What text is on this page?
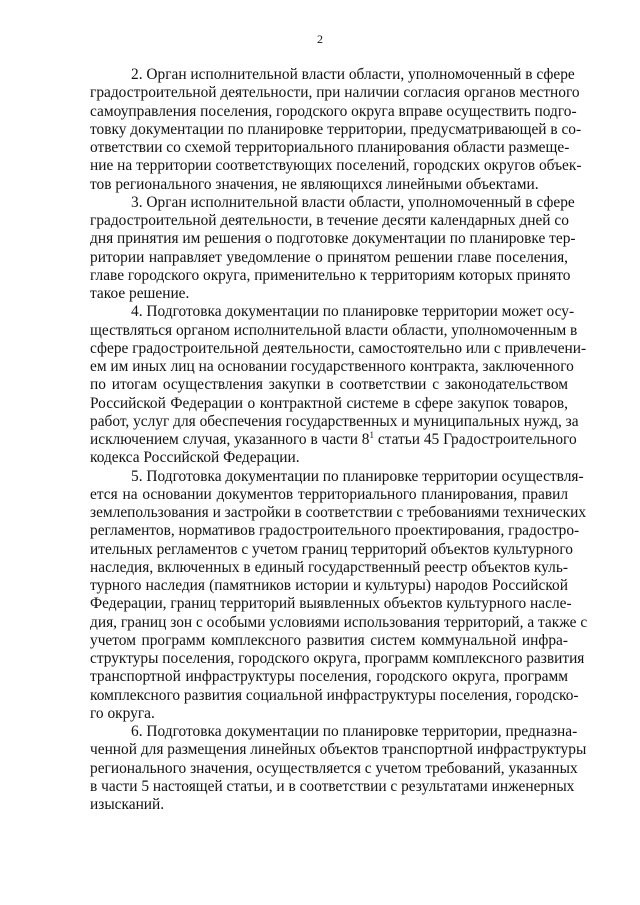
2

2. Орган исполнительной власти области, уполномоченный в сфере
градостроительной деятельности, при наличии согласия органов местного
самоуправления поселения, городского округа вправе осуществить подго-
товку документации по планировке территории, предусматривающей в со-
ответствии со схемой территориального планирования области размеще-
ние на территории соответствующих поселений, городских округов объек-
тов регионального значения, не являющихся линейными объектами.

3. Орган исполнительной власти области, уполномоченный в сфере
градостроительной деятельности, в течение десяти календарных дней со
дня принятия им решения о подготовке документации по планировке тер-
ритории направляет уведомление о принятом решении главе поселения,
главе городского округа, применительно к территориям которых принято
такое решение.

4. Подготовка документации по планировке территории может осу-
ществляться органом исполнительной власти области, уполномоченным в
сфере градостроительной деятельности, самостоятельно или с привлечени-
ем им иных лиц на основании государственного контракта, заключенного
по итогам осуществления закупки в соответствии с законодательством
Российской Федерации о контрактной системе в сфере закупок товаров,
работ, услуг для обеспечения государственных и муниципальных нужд, за
исключением случая, указанного в части $8^1$ статьи 45 Градостроительного
кодекса Российской Федерации.

5. Подготовка документации по планировке территории осуществля-
ется на основании документов территориального планирования, правил
землепользования и застройки в соответствии с требованиями технических
регламентов, нормативов градостроительного проектирования, градостро-
ительных регламентов с учетом границ территорий объектов культурного
наследия, включенных в единый государственный реестр объектов куль-
турного наследия (памятников истории и культуры) народов Российской
Федерации, границ территорий выявленных объектов культурного насле-
дия, границ зон с особыми условиями использования территорий, а также с
учетом программ комплексного развития систем коммунальной инфра-
структуры поселения, городского округа, программ комплексного развития
транспортной инфраструктуры поселения, городского округа, программ
комплексного развития социальной инфраструктуры поселения, городско-
го округа.

6. Подготовка документации по планировке территории, предназна-
ченной для размещения линейных объектов транспортной инфраструктуры
регионального значения, осуществляется с учетом требований, указанных
в части 5 настоящей статьи, и в соответствии с результатами инженерных
изысканий.
